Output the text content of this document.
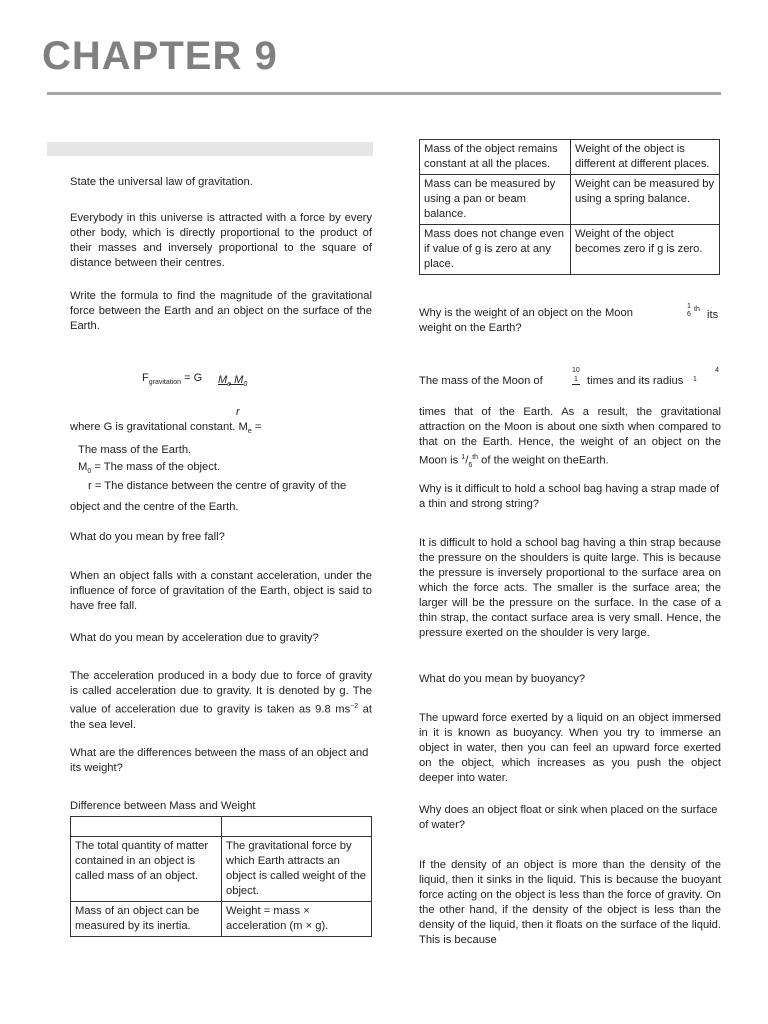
CHAPTER 9

State the universal law of gravitation.

Everybody in this universe is attracted with a force by every other body, which is directly proportional to the product of their masses and inversely proportional to the square of distance between their centres.

Write the formula to find the magnitude of the gravitational force between the Earth and an object on the surface of the Earth.

$F_{gravitation} = G$ $M_e$ $M_0$
r

where G is gravitational constant. $M_e$ =

The mass of the Earth.

$M_0$ = The mass of the object.

r = The distance between the centre of gravity of the

object and the centre of the Earth.

What do you mean by free fall?

When an object falls with a constant acceleration, under the influence of force of gravitation of the Earth, object is said to have free fall.

What do you mean by acceleration due to gravity?

The acceleration produced in a body due to force of gravity is called acceleration due to gravity. It is denoted by g. The value of acceleration due to gravity is taken as 9.8 $ms^{-2}$ at the sea level.

What are the differences between the mass of an object and its weight?

Difference between Mass and Weight

The total quantity of matter contained in an object is called mass of an object.	The gravitational force by which Earth attracts an object is called weight of the object.
Mass of an object can be measured by its inertia.	Weight = mass × acceleration (m × g).
Mass of the object remains constant at all the places.	Weight of the object is different at different places.
Mass can be measured by using a pan or beam balance.	Weight can be measured by using a spring balance.
Mass does not change even if value of g is zero at any place.	Weight of the object becomes zero if g is zero.

Why is the weight of an object on the Moon

1
6
th its

weight on the Earth?

The mass of the Moon of

10
1 times and its radius

4
1

times that of the Earth. As a result, the gravitational attraction on the Moon is about one sixth when compared to that on the Earth. Hence, the weight of an object on the Moon is $^1/_6^{th}$ of the weight on theEarth.

Why is it difficult to hold a school bag having a strap made of a thin and strong string?

It is difficult to hold a school bag having a thin strap because the pressure on the shoulders is quite large. This is because the pressure is inversely proportional to the surface area on which the force acts. The smaller is the surface area; the larger will be the pressure on the surface. In the case of a thin strap, the contact surface area is very small. Hence, the pressure exerted on the shoulder is very large.

What do you mean by buoyancy?

The upward force exerted by a liquid on an object immersed in it is known as buoyancy. When you try to immerse an object in water, then you can feel an upward force exerted on the object, which increases as you push the object deeper into water.

Why does an object float or sink when placed on the surface of water?

If the density of an object is more than the density of the liquid, then it sinks in the liquid. This is because the buoyant force acting on the object is less than the force of gravity. On the other hand, if the density of the object is less than the density of the liquid, then it floats on the surface of the liquid. This is because
